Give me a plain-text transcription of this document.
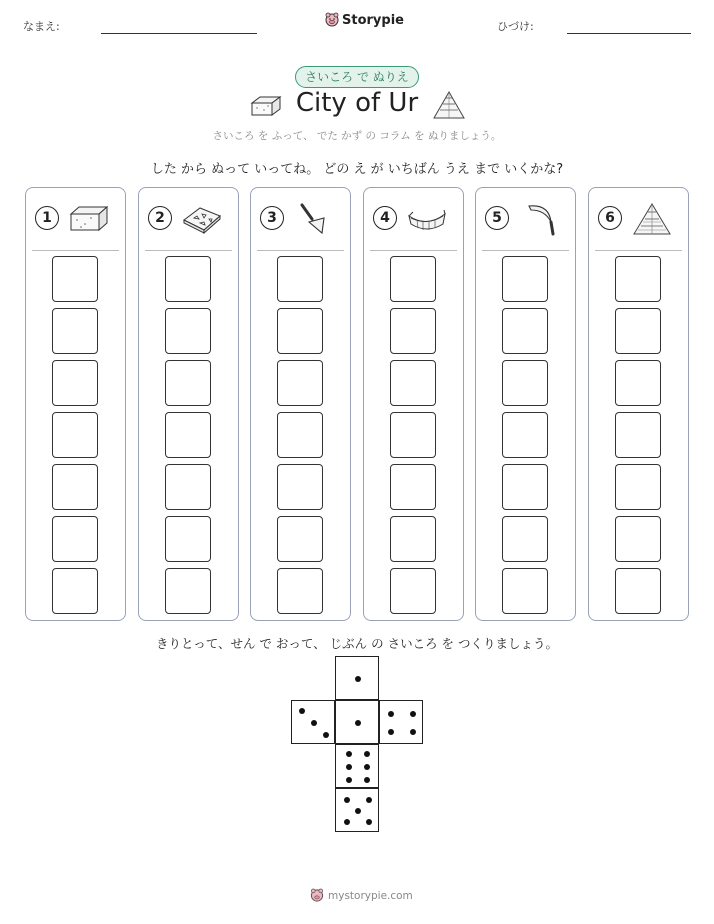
なまえ:	Storypie	ひづけ:
さいころ で ぬりえ
City of Ur
さいころ を ふって、 でた かず の コラム を ぬりましょう。
した から ぬって いってね。 どの え が いちばん うえ まで いくかな?
1	2	3	4	5	6
きりとって、せん で おって、 じぶん の さいころ を つくりましょう。
mystorypie.com
